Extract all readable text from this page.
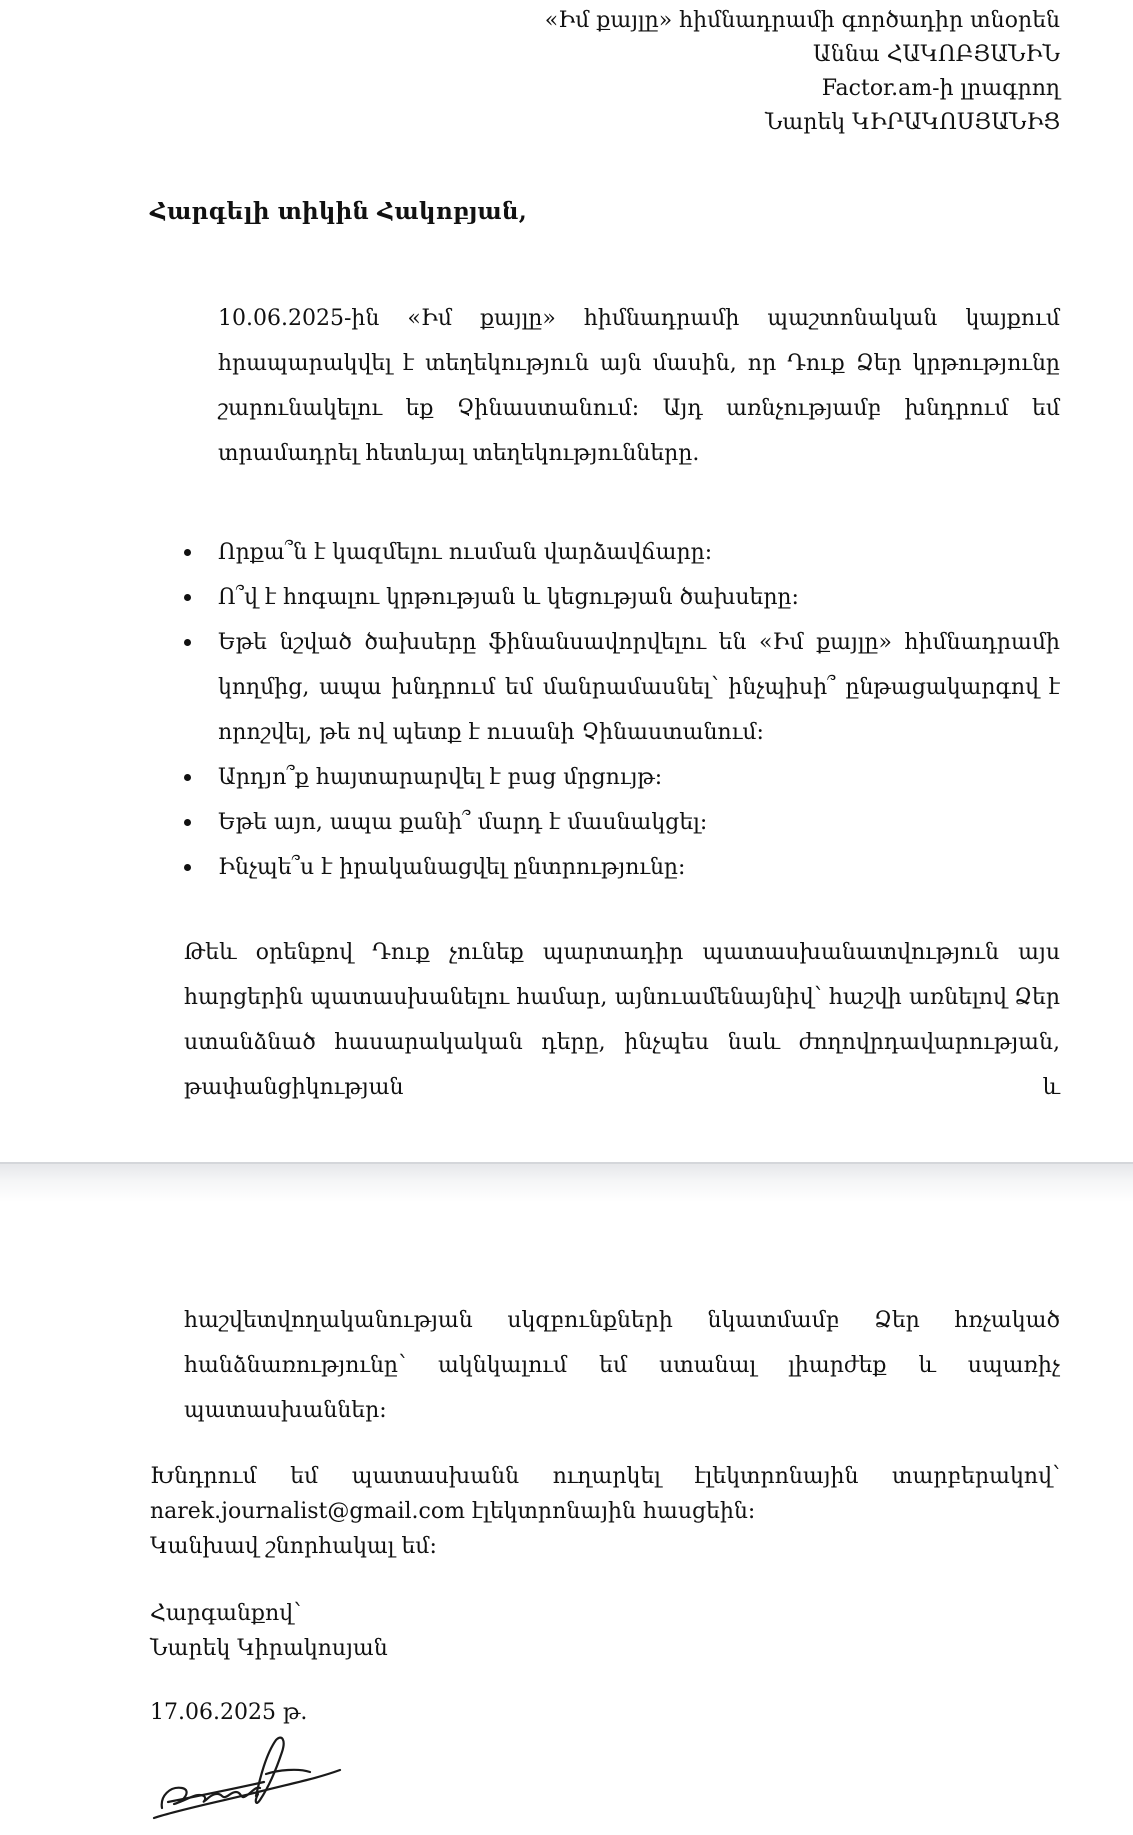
«Իմ քայլը» հիմնադրամի գործադիր տնօրեն
Աննա ՀԱԿՈԲՅԱՆԻՆ
Factor.am-ի լրագրող
Նարեկ ԿԻՐԱԿՈՍՅԱՆԻՑ
Հարգելի տիկին Հակոբյան,
10.06.2025-ին «Իմ քայլը» հիմնադրամի պաշտոնական կայքում հրապարակվել է տեղեկություն այն մասին, որ Դուք Ձեր կրթությունը շարունակելու եք Չինաստանում։ Այդ առնչությամբ խնդրում եմ տրամադրել հետևյալ տեղեկությունները.
Որքա՞ն է կազմելու ուսման վարձավճարը։
Ո՞վ է հոգալու կրթության և կեցության ծախսերը։
Եթե նշված ծախսերը ֆինանսավորվելու են «Իմ քայլը» հիմնադրամի կողմից, ապա խնդրում եմ մանրամասնել՝ ինչպիսի՞ ընթացակարգով է որոշվել, թե ով պետք է ուսանի Չինաստանում։
Արդյո՞ք հայտարարվել է բաց մրցույթ։
Եթե այո, ապա քանի՞ մարդ է մասնակցել։
Ինչպե՞ս է իրականացվել ընտրությունը։
Թեև օրենքով Դուք չունեք պարտադիր պատասխանատվություն այս հարցերին պատասխանելու համար, այնուամենայնիվ՝ հաշվի առնելով Ձեր ստանձնած հասարակական դերը, ինչպես նաև ժողովրդավարության, թափանցիկության և
հաշվետվողականության սկզբունքների նկատմամբ Ձեր հռչակած հանձնառությունը՝ ակնկալում եմ ստանալ լիարժեք և սպառիչ պատասխաններ։
Խնդրում եմ պատասխանն ուղարկել էլեկտրոնային տարբերակով՝
narek.journalist@gmail.com էլեկտրոնային հասցեին։
Կանխավ շնորհակալ եմ։
Հարգանքով՝
Նարեկ Կիրակոսյան
17.06.2025 թ.
